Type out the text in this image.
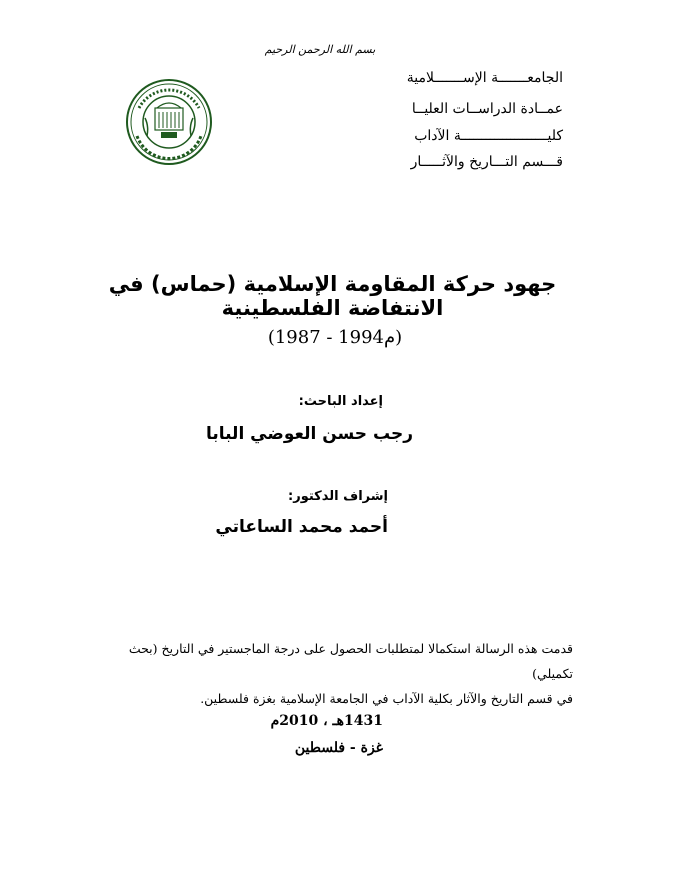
بسم الله الرحمن الرحيم
الجامعـــــــة الإســـــــلامية
عمــادة الدراســات العليــا
كليـــــــــــــــــــــة الآداب
قـــسم التـــاريخ والآثـــــار
جهود حركة المقاومة الإسلامية (حماس) في الانتفاضة الفلسطينية
(1987 - 1994م)
إعداد الباحث:
رجب حسن العوضي البابا
إشراف الدكتور:
أحمد محمد الساعاتي
قدمت هذه الرسالة استكمالا لمتطلبات الحصول على درجة الماجستير في التاريخ (بحث تكميلي)
في قسم التاريخ والآثار بكلية الآداب في الجامعة الإسلامية بغزة فلسطين.
1431هـ ، 2010م
غزة - فلسطين
